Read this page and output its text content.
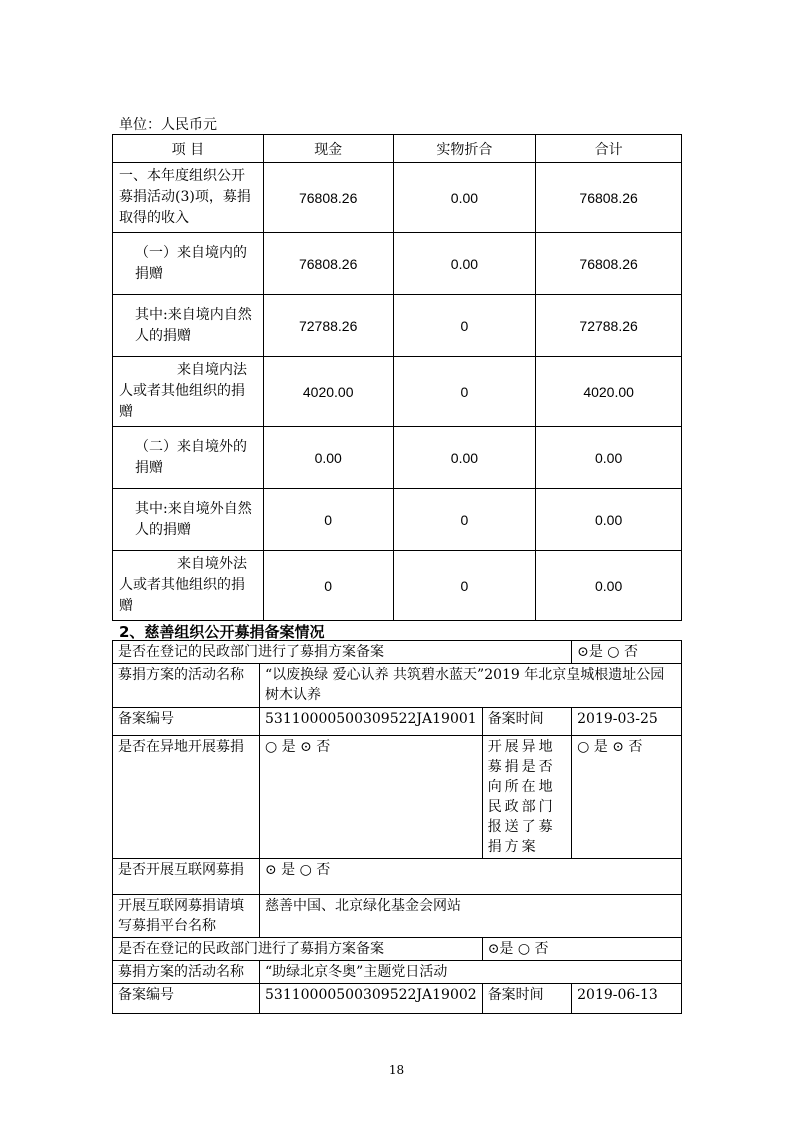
单位：人民币元
项 目	现金	实物折合	合计
一、本年度组织公开募捐活动(3)项，募捐取得的收入	76808.26	0.00	76808.26
（一）来自境内的捐赠	76808.26	0.00	76808.26
其中:来自境内自然人的捐赠	72788.26	0	72788.26

来自境内法人或者其他组织的捐赠	4020.00	0	4020.00
（二）来自境外的捐赠	0.00	0.00	0.00
其中:来自境外自然人的捐赠	0	0	0.00

来自境外法人或者其他组织的捐赠	0	0	0.00
2、慈善组织公开募捐备案情况
是否在登记的民政部门进行了募捐方案备案			⊙是 ○ 否
募捐方案的活动名称	“以废换绿 爱心认养 共筑碧水蓝天”2019 年北京皇城根遗址公园树木认养		
备案编号	53110000500309522JA19001	备案时间	2019-03-25
是否在异地开展募捐	○ 是 ⊙ 否	开展异地募捐是否向所在地民政部门报送了募捐方案	○ 是 ⊙ 否
是否开展互联网募捐	⊙ 是 ○ 否		
开展互联网募捐请填写募捐平台名称	慈善中国、北京绿化基金会网站		
是否在登记的民政部门进行了募捐方案备案		⊙是 ○ 否	
募捐方案的活动名称	“助绿北京冬奥”主题党日活动		
备案编号	53110000500309522JA19002	备案时间	2019-06-13
18
